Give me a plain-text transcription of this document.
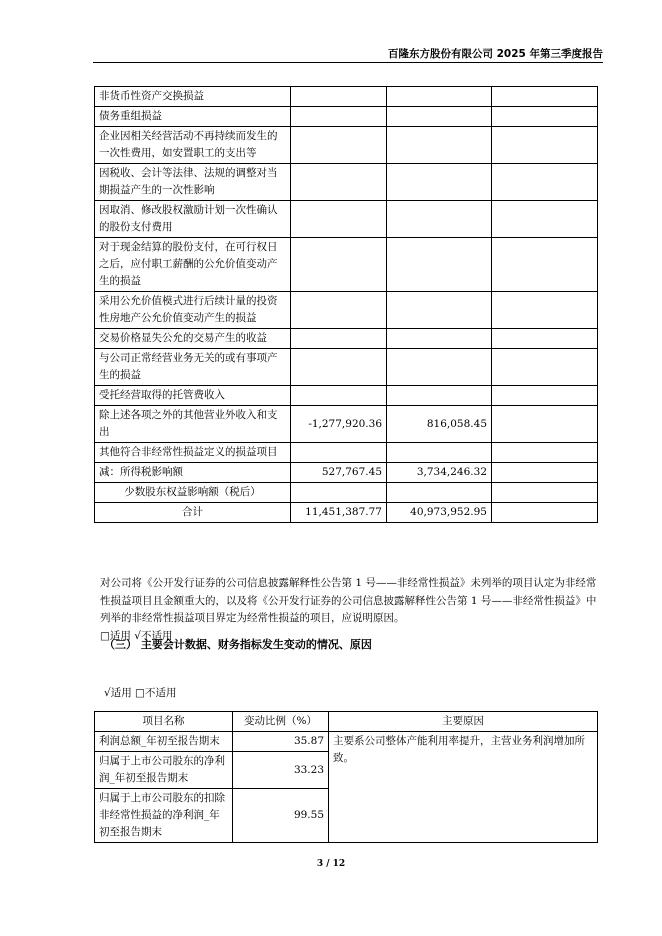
百隆东方股份有限公司 2025 年第三季度报告
非货币性资产交换损益			
债务重组损益			
企业因相关经营活动不再持续而发生的一次性费用，如安置职工的支出等			
因税收、会计等法律、法规的调整对当期损益产生的一次性影响			
因取消、修改股权激励计划一次性确认的股份支付费用			
对于现金结算的股份支付，在可行权日之后，应付职工薪酬的公允价值变动产生的损益			
采用公允价值模式进行后续计量的投资性房地产公允价值变动产生的损益			
交易价格显失公允的交易产生的收益			
与公司正常经营业务无关的或有事项产生的损益			
受托经营取得的托管费收入			
除上述各项之外的其他营业外收入和支出	-1,277,920.36	816,058.45	
其他符合非经常性损益定义的损益项目			
减：所得税影响额	527,767.45	3,734,246.32	
少数股东权益影响额（税后）			
合计	11,451,387.77	40,973,952.95	
对公司将《公开发行证券的公司信息披露解释性公告第 1 号——非经常性损益》未列举的项目认定为非经常性损益项目且金额重大的，以及将《公开发行证券的公司信息披露解释性公告第 1 号——非经常性损益》中列举的非经常性损益项目界定为经常性损益的项目，应说明原因。
□适用 √不适用
（三） 主要会计数据、财务指标发生变动的情况、原因
√适用 □不适用
项目名称	变动比例（%）	主要原因
利润总额_年初至报告期末	35.87	主要系公司整体产能利用率提升，主营业务利润增加所致。
归属于上市公司股东的净利润_年初至报告期末	33.23	
归属于上市公司股东的扣除非经常性损益的净利润_年初至报告期末	99.55	
3 / 12
